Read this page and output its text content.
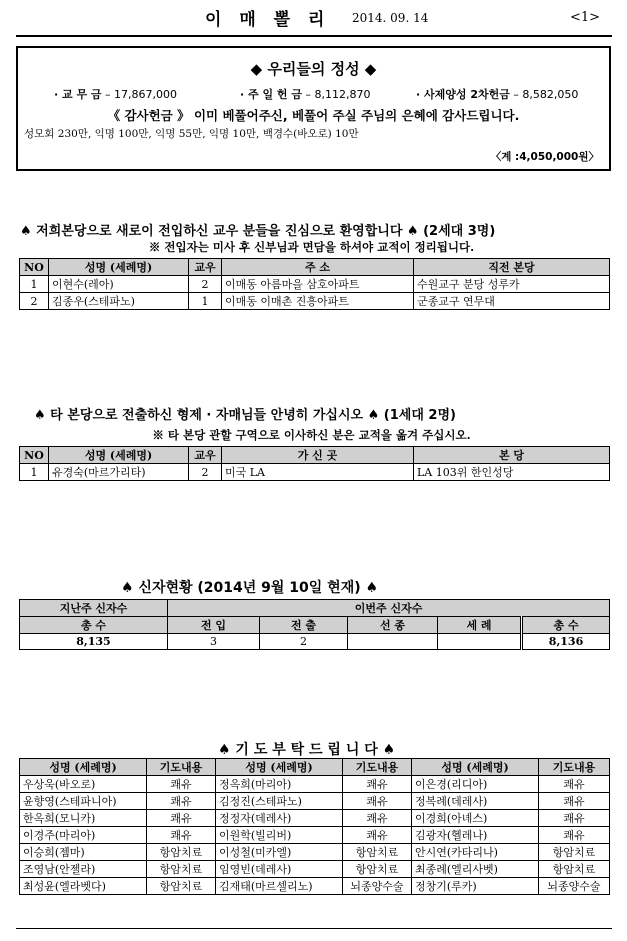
이 매 뽈 리 2014. 09. 14	<1>
◆ 우리들의 정성 ◆
· 교 무 금 – 17,867,000	· 주 일 헌 금 – 8,112,870	· 사제양성 2차헌금 – 8,582,050
《 감사헌금 》 이미 베풀어주신, 베풀어 주실 주님의 은혜에 감사드립니다.
성모회 230만, 익명 100만, 익명 55만, 익명 10만, 백경수(바오로) 10만
〈계 :4,050,000원〉
♠ 저희본당으로 새로이 전입하신 교우 분들을 진심으로 환영합니다 ♠ (2세대 3명)
※ 전입자는 미사 후 신부님과 면담을 하셔야 교적이 정리됩니다.
NO	성명 (세례명)	교우	주 소	직전 본당
1	이현수(레아)	2	이매동 아름마을 삼호아파트	수원교구 분당 성루카
2	김종우(스테파노)	1	이매동 이매촌 진흥아파트	군종교구 연무대
♠ 타 본당으로 전출하신 형제 · 자매님들 안녕히 가십시오 ♠ (1세대 2명)
※ 타 본당 관할 구역으로 이사하신 분은 교적을 옮겨 주십시오.
NO	성명 (세례명)	교우	가 신 곳	본 당
1	유경숙(마르가리타)	2	미국 LA	LA 103위 한인성당
♠ 신자현황 (2014년 9월 10일 현재) ♠
지난주 신자수	이번주 신자수				
총 수	전 입	전 출	선 종	세 례	총 수
8,135	3	2			8,136
♠ 기 도 부 탁 드 립 니 다 ♠
성명 (세례명)	기도내용	성명 (세례명)	기도내용	성명 (세례명)	기도내용
우상욱(바오로)	쾌유	정옥희(마리아)	쾌유	이은경(리디아)	쾌유
윤향영(스테파니아)	쾌유	김정진(스테파노)	쾌유	정복례(데레사)	쾌유
한옥희(모니카)	쾌유	정정자(데레사)	쾌유	이경희(아녜스)	쾌유
이경주(마리아)	쾌유	이원학(빌리버)	쾌유	김광자(헬레나)	쾌유
이승희(젬마)	항암치료	이성철(미카엘)	항암치료	안시연(카타리나)	항암치료
조영남(안젤라)	항암치료	임영빈(데레사)	항암치료	최종례(엘리사벳)	항암치료
최성윤(엘라벳다)	항암치료	김재태(마르셀리노)	뇌종양수술	정창기(루카)	뇌종양수술
